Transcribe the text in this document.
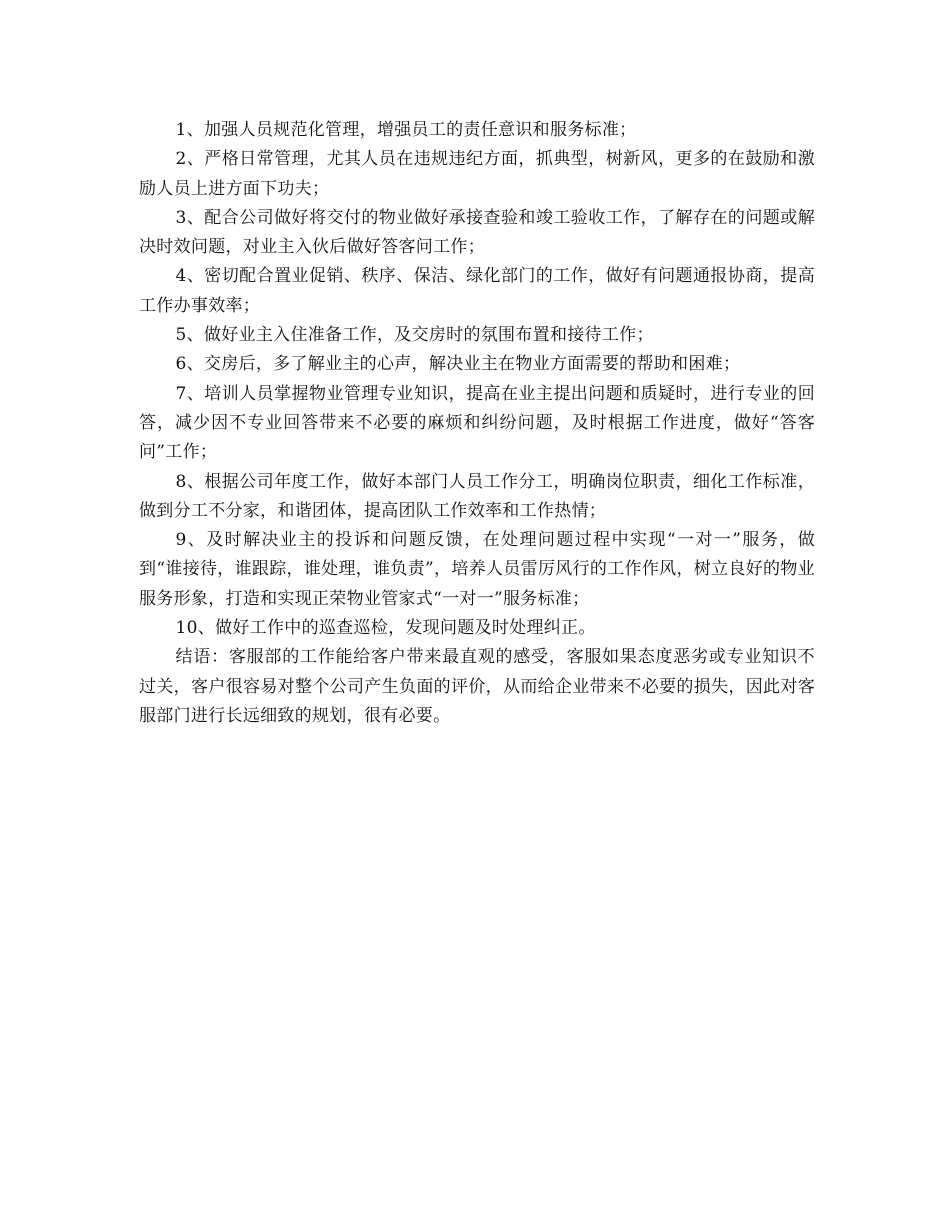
1、加强人员规范化管理，增强员工的责任意识和服务标准；

2、严格日常管理，尤其人员在违规违纪方面，抓典型，树新风，更多的在鼓励和激励人员上进方面下功夫；

3、配合公司做好将交付的物业做好承接查验和竣工验收工作，了解存在的问题或解决时效问题，对业主入伙后做好答客问工作；

4、密切配合置业促销、秩序、保洁、绿化部门的工作，做好有问题通报协商，提高工作办事效率；

5、做好业主入住准备工作，及交房时的氛围布置和接待工作；

6、交房后，多了解业主的心声，解决业主在物业方面需要的帮助和困难；

7、培训人员掌握物业管理专业知识，提高在业主提出问题和质疑时，进行专业的回答，减少因不专业回答带来不必要的麻烦和纠纷问题，及时根据工作进度，做好“答客问”工作；

8、根据公司年度工作，做好本部门人员工作分工，明确岗位职责，细化工作标准，做到分工不分家，和谐团体，提高团队工作效率和工作热情；

9、及时解决业主的投诉和问题反馈，在处理问题过程中实现“一对一”服务，做到“谁接待，谁跟踪，谁处理，谁负责”，培养人员雷厉风行的工作作风，树立良好的物业服务形象，打造和实现正荣物业管家式“一对一”服务标准；

10、做好工作中的巡查巡检，发现问题及时处理纠正。

结语：客服部的工作能给客户带来最直观的感受，客服如果态度恶劣或专业知识不过关，客户很容易对整个公司产生负面的评价，从而给企业带来不必要的损失，因此对客服部门进行长远细致的规划，很有必要。
